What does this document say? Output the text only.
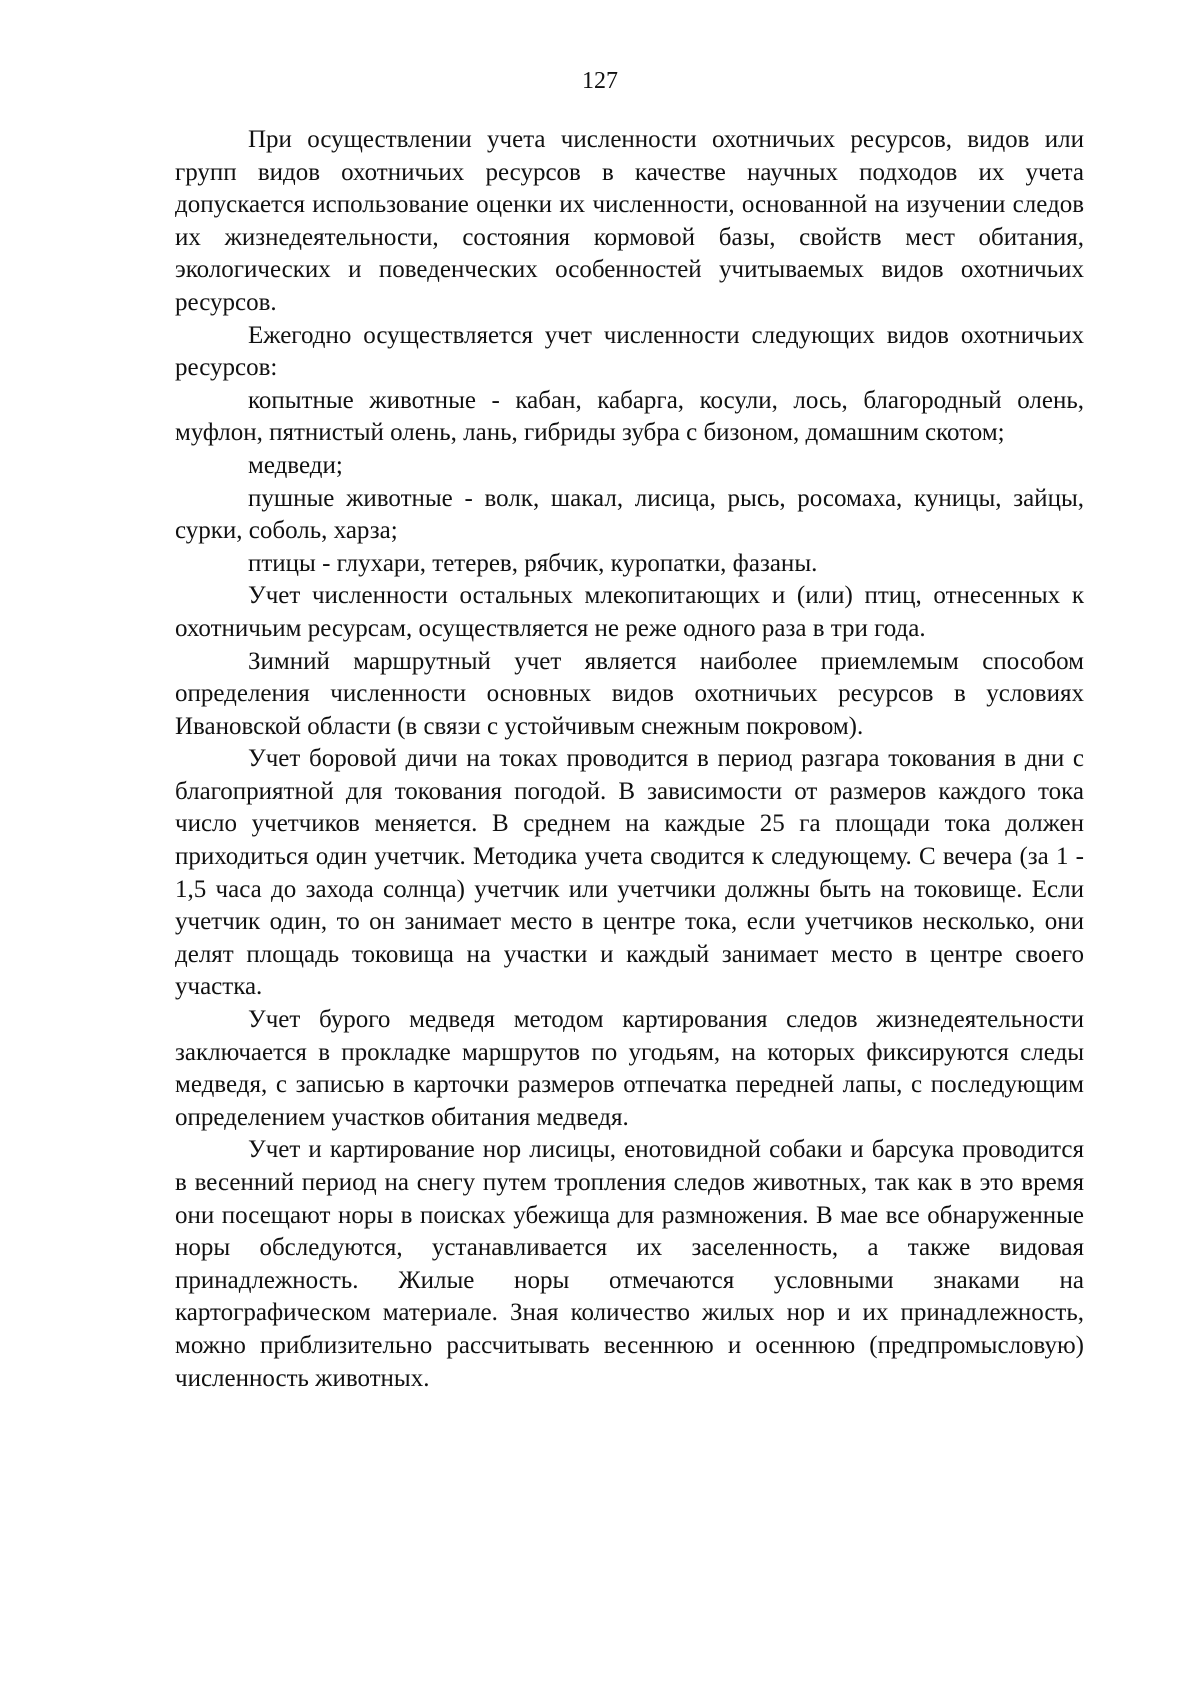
127

При осуществлении учета численности охотничьих ресурсов, видов или групп видов охотничьих ресурсов в качестве научных подходов их учета допускается использование оценки их численности, основанной на изучении следов их жизнедеятельности, состояния кормовой базы, свойств мест обитания, экологических и поведенческих особенностей учитываемых видов охотничьих ресурсов.

Ежегодно осуществляется учет численности следующих видов охотничьих ресурсов:

копытные животные - кабан, кабарга, косули, лось, благородный олень, муфлон, пятнистый олень, лань, гибриды зубра с бизоном, домашним скотом;

медведи;

пушные животные - волк, шакал, лисица, рысь, росомаха, куницы, зайцы, сурки, соболь, харза;

птицы - глухари, тетерев, рябчик, куропатки, фазаны.

Учет численности остальных млекопитающих и (или) птиц, отнесенных к охотничьим ресурсам, осуществляется не реже одного раза в три года.

Зимний маршрутный учет является наиболее приемлемым способом определения численности основных видов охотничьих ресурсов в условиях Ивановской области (в связи с устойчивым снежным покровом).

Учет боровой дичи на токах проводится в период разгара токования в дни с благоприятной для токования погодой. В зависимости от размеров каждого тока число учетчиков меняется. В среднем на каждые 25 га площади тока должен приходиться один учетчик. Методика учета сводится к следующему. С вечера (за 1 - 1,5 часа до захода солнца) учетчик или учетчики должны быть на токовище. Если учетчик один, то он занимает место в центре тока, если учетчиков несколько, они делят площадь токовища на участки и каждый занимает место в центре своего участка.

Учет бурого медведя методом картирования следов жизнедеятельности заключается в прокладке маршрутов по угодьям, на которых фиксируются следы медведя, с записью в карточки размеров отпечатка передней лапы, с последующим определением участков обитания медведя.

Учет и картирование нор лисицы, енотовидной собаки и барсука проводится в весенний период на снегу путем тропления следов животных, так как в это время они посещают норы в поисках убежища для размножения. В мае все обнаруженные норы обследуются, устанавливается их заселенность, а также видовая принадлежность. Жилые норы отмечаются условными знаками на картографическом материале. Зная количество жилых нор и их принадлежность, можно приблизительно рассчитывать весеннюю и осеннюю (предпромысловую) численность животных.
